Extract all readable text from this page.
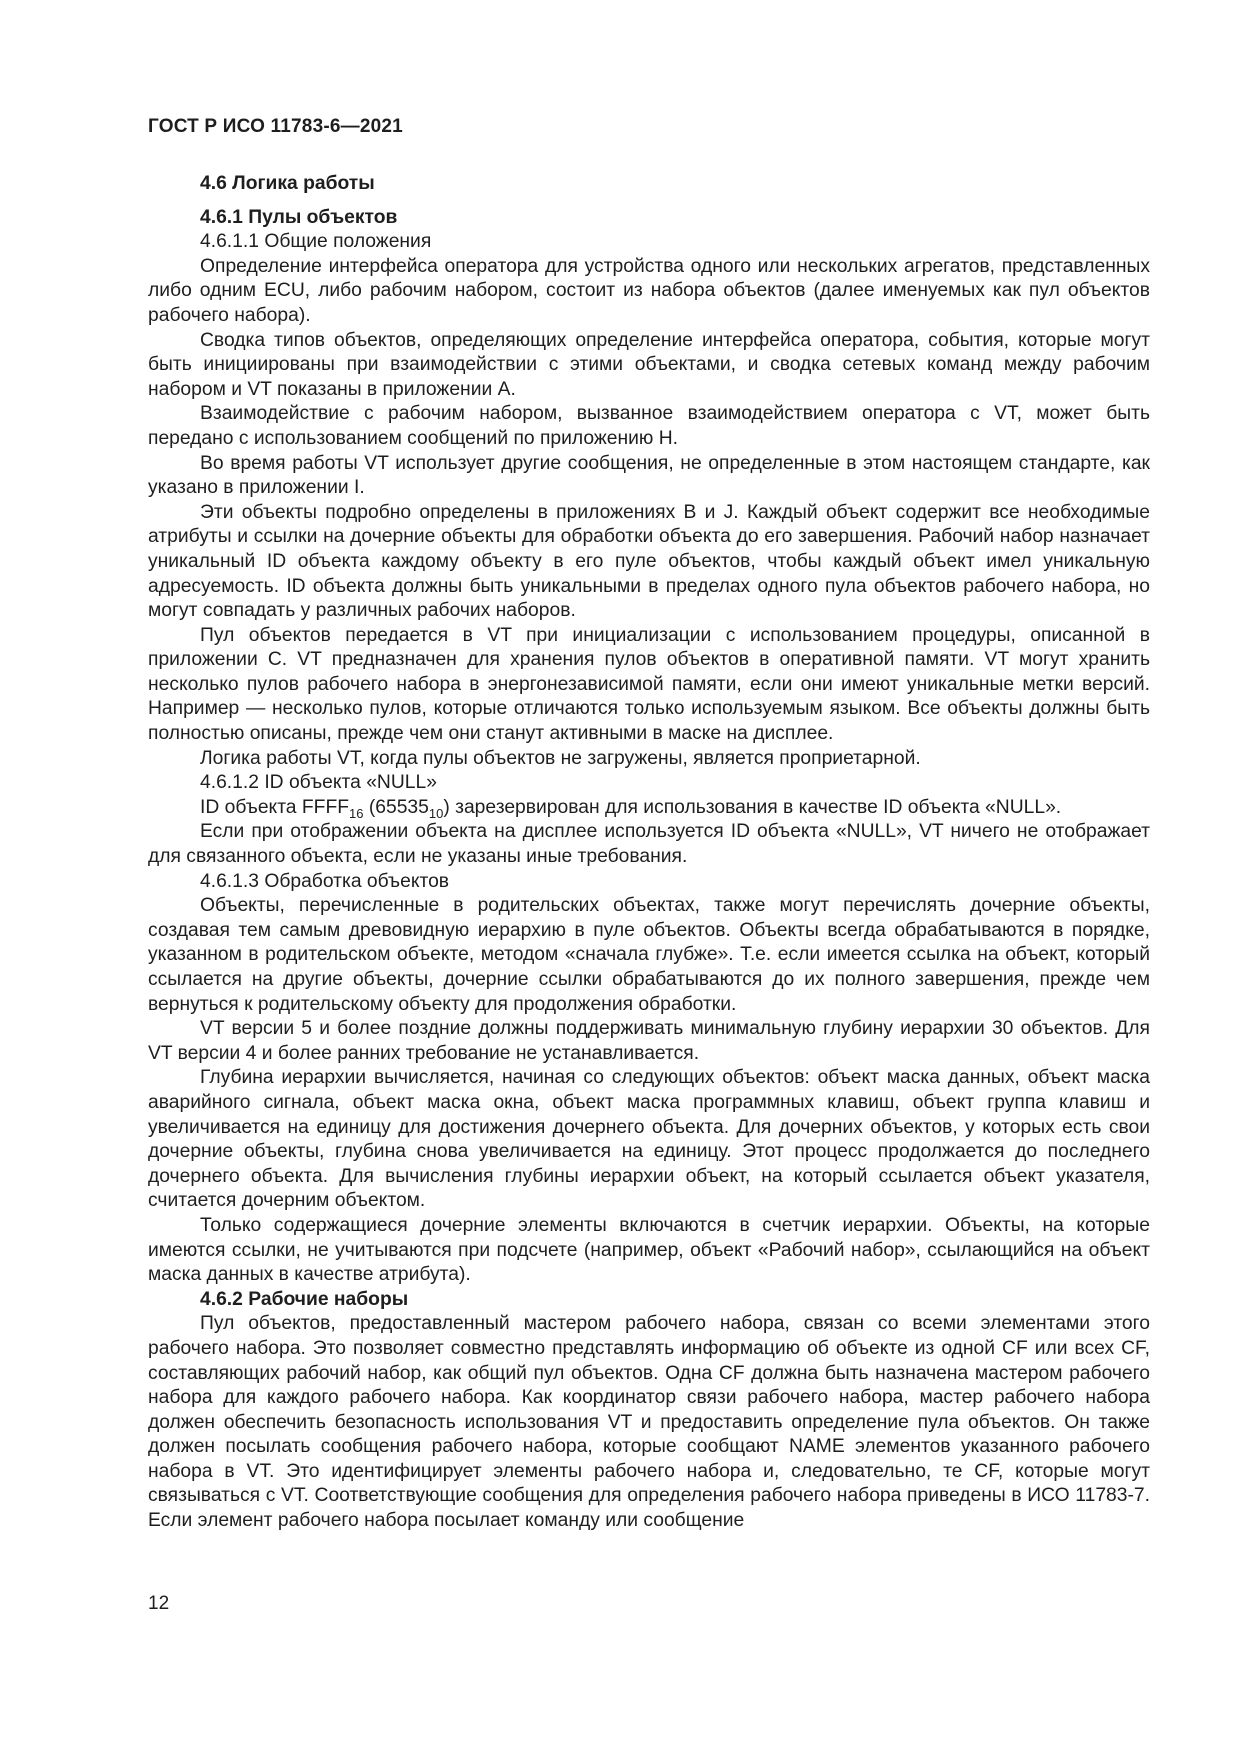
ГОСТ Р ИСО 11783-6—2021

4.6 Логика работы

4.6.1 Пулы объектов

4.6.1.1 Общие положения

Определение интерфейса оператора для устройства одного или нескольких агрегатов, представленных либо одним ECU, либо рабочим набором, состоит из набора объектов (далее именуемых как пул объектов рабочего набора).

Сводка типов объектов, определяющих определение интерфейса оператора, события, которые могут быть инициированы при взаимодействии с этими объектами, и сводка сетевых команд между рабочим набором и VT показаны в приложении А.

Взаимодействие с рабочим набором, вызванное взаимодействием оператора с VT, может быть передано с использованием сообщений по приложению Н.

Во время работы VT использует другие сообщения, не определенные в этом настоящем стандарте, как указано в приложении I.

Эти объекты подробно определены в приложениях В и J. Каждый объект содержит все необходимые атрибуты и ссылки на дочерние объекты для обработки объекта до его завершения. Рабочий набор назначает уникальный ID объекта каждому объекту в его пуле объектов, чтобы каждый объект имел уникальную адресуемость. ID объекта должны быть уникальными в пределах одного пула объектов рабочего набора, но могут совпадать у различных рабочих наборов.

Пул объектов передается в VT при инициализации с использованием процедуры, описанной в приложении С. VT предназначен для хранения пулов объектов в оперативной памяти. VT могут хранить несколько пулов рабочего набора в энергонезависимой памяти, если они имеют уникальные метки версий. Например — несколько пулов, которые отличаются только используемым языком. Все объекты должны быть полностью описаны, прежде чем они станут активными в маске на дисплее.

Логика работы VT, когда пулы объектов не загружены, является проприетарной.

4.6.1.2 ID объекта «NULL»

ID объекта $FFFF_{16}$ $(65535_{10})$ зарезервирован для использования в качестве ID объекта «NULL».

Если при отображении объекта на дисплее используется ID объекта «NULL», VT ничего не отображает для связанного объекта, если не указаны иные требования.

4.6.1.3 Обработка объектов

Объекты, перечисленные в родительских объектах, также могут перечислять дочерние объекты, создавая тем самым древовидную иерархию в пуле объектов. Объекты всегда обрабатываются в порядке, указанном в родительском объекте, методом «сначала глубже». Т.е. если имеется ссылка на объект, который ссылается на другие объекты, дочерние ссылки обрабатываются до их полного завершения, прежде чем вернуться к родительскому объекту для продолжения обработки.

VT версии 5 и более поздние должны поддерживать минимальную глубину иерархии 30 объектов. Для VT версии 4 и более ранних требование не устанавливается.

Глубина иерархии вычисляется, начиная со следующих объектов: объект маска данных, объект маска аварийного сигнала, объект маска окна, объект маска программных клавиш, объект группа клавиш и увеличивается на единицу для достижения дочернего объекта. Для дочерних объектов, у которых есть свои дочерние объекты, глубина снова увеличивается на единицу. Этот процесс продолжается до последнего дочернего объекта. Для вычисления глубины иерархии объект, на который ссылается объект указателя, считается дочерним объектом.

Только содержащиеся дочерние элементы включаются в счетчик иерархии. Объекты, на которые имеются ссылки, не учитываются при подсчете (например, объект «Рабочий набор», ссылающийся на объект маска данных в качестве атрибута).

4.6.2 Рабочие наборы

Пул объектов, предоставленный мастером рабочего набора, связан со всеми элементами этого рабочего набора. Это позволяет совместно представлять информацию об объекте из одной CF или всех CF, составляющих рабочий набор, как общий пул объектов. Одна CF должна быть назначена мастером рабочего набора для каждого рабочего набора. Как координатор связи рабочего набора, мастер рабочего набора должен обеспечить безопасность использования VT и предоставить определение пула объектов. Он также должен посылать сообщения рабочего набора, которые сообщают NAME элементов указанного рабочего набора в VT. Это идентифицирует элементы рабочего набора и, следовательно, те CF, которые могут связываться с VT. Соответствующие сообщения для определения рабочего набора приведены в ИСО 11783-7. Если элемент рабочего набора посылает команду или сообщение

12
